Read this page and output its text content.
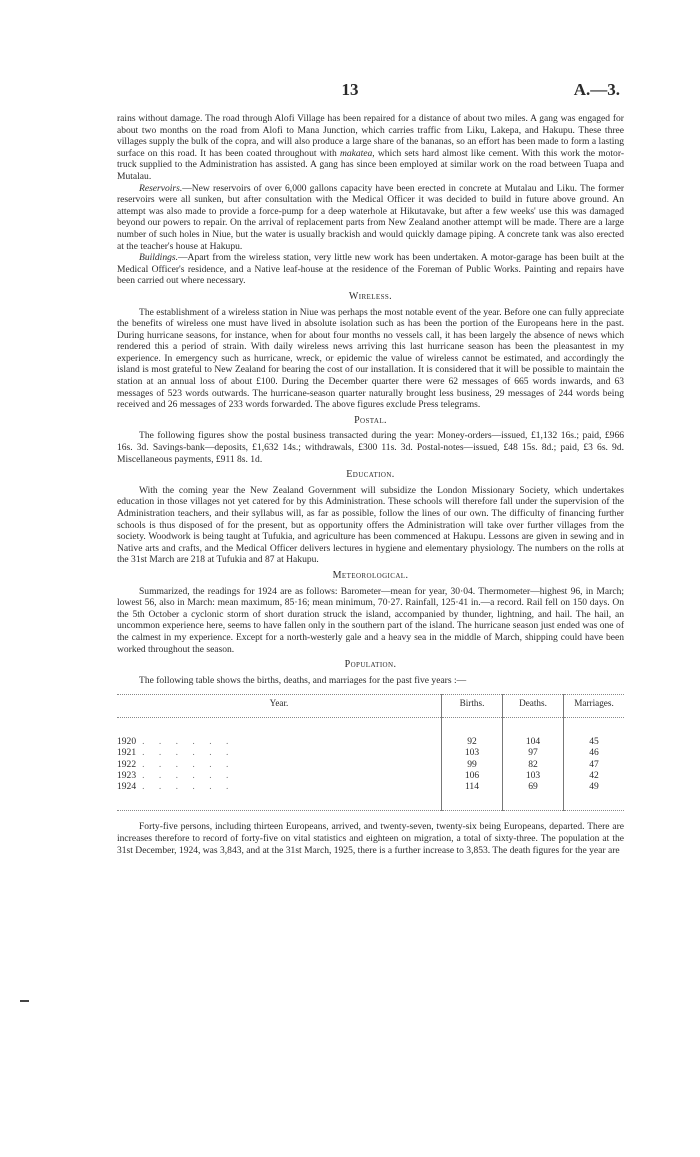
13	A.—3.

rains without damage. The road through Alofi Village has been repaired for a distance of about two miles. A gang was engaged for about two months on the road from Alofi to Mana Junction, which carries traffic from Liku, Lakepa, and Hakupu. These three villages supply the bulk of the copra, and will also produce a large share of the bananas, so an effort has been made to form a lasting surface on this road. It has been coated throughout with makatea, which sets hard almost like cement. With this work the motor-truck supplied to the Administration has assisted. A gang has since been employed at similar work on the road between Tuapa and Mutalau.

Reservoirs.—New reservoirs of over 6,000 gallons capacity have been erected in concrete at Mutalau and Liku. The former reservoirs were all sunken, but after consultation with the Medical Officer it was decided to build in future above ground. An attempt was also made to provide a force-pump for a deep waterhole at Hikutavake, but after a few weeks' use this was damaged beyond our powers to repair. On the arrival of replacement parts from New Zealand another attempt will be made. There are a large number of such holes in Niue, but the water is usually brackish and would quickly damage piping. A concrete tank was also erected at the teacher's house at Hakupu.

Buildings.—Apart from the wireless station, very little new work has been undertaken. A motor-garage has been built at the Medical Officer's residence, and a Native leaf-house at the residence of the Foreman of Public Works. Painting and repairs have been carried out where necessary.

Wireless.

The establishment of a wireless station in Niue was perhaps the most notable event of the year. Before one can fully appreciate the benefits of wireless one must have lived in absolute isolation such as has been the portion of the Europeans here in the past. During hurricane seasons, for instance, when for about four months no vessels call, it has been largely the absence of news which rendered this a period of strain. With daily wireless news arriving this last hurricane season has been the pleasantest in my experience. In emergency such as hurricane, wreck, or epidemic the value of wireless cannot be estimated, and accordingly the island is most grateful to New Zealand for bearing the cost of our installation. It is considered that it will be possible to maintain the station at an annual loss of about £100. During the December quarter there were 62 messages of 665 words inwards, and 63 messages of 523 words outwards. The hurricane-season quarter naturally brought less business, 29 messages of 244 words being received and 26 messages of 233 words forwarded. The above figures exclude Press telegrams.

Postal.

The following figures show the postal business transacted during the year: Money-orders—issued, £1,132 16s.; paid, £966 16s. 3d. Savings-bank—deposits, £1,632 14s.; withdrawals, £300 11s. 3d. Postal-notes—issued, £48 15s. 8d.; paid, £3 6s. 9d. Miscellaneous payments, £911 8s. 1d.

Education.

With the coming year the New Zealand Government will subsidize the London Missionary Society, which undertakes education in those villages not yet catered for by this Administration. These schools will therefore fall under the supervision of the Administration teachers, and their syllabus will, as far as possible, follow the lines of our own. The difficulty of financing further schools is thus disposed of for the present, but as opportunity offers the Administration will take over further villages from the society. Woodwork is being taught at Tufukia, and agriculture has been commenced at Hakupu. Lessons are given in sewing and in Native arts and crafts, and the Medical Officer delivers lectures in hygiene and elementary physiology. The numbers on the rolls at the 31st March are 218 at Tufukia and 87 at Hakupu.

Meteorological.

Summarized, the readings for 1924 are as follows: Barometer—mean for year, 30·04. Thermometer—highest 96, in March; lowest 56, also in March: mean maximum, 85·16; mean minimum, 70·27. Rainfall, 125·41 in.—a record. Rail fell on 150 days. On the 5th October a cyclonic storm of short duration struck the island, accompanied by thunder, lightning, and hail. The hail, an uncommon experience here, seems to have fallen only in the southern part of the island. The hurricane season just ended was one of the calmest in my experience. Except for a north-westerly gale and a heavy sea in the middle of March, shipping could have been worked throughout the season.

Population.

The following table shows the births, deaths, and marriages for the past five years :—

Year.	Births.	Deaths.	Marriages.

1920 . . . . . .	92	104	45
1921 . . . . . .	103	97	46
1922 . . . . . .	99	82	47
1923 . . . . . .	106	103	42
1924 . . . . . .	114	69	49

Forty-five persons, including thirteen Europeans, arrived, and twenty-seven, twenty-six being Europeans, departed. There are increases therefore to record of forty-five on vital statistics and eighteen on migration, a total of sixty-three. The population at the 31st December, 1924, was 3,843, and at the 31st March, 1925, there is a further increase to 3,853. The death figures for the year are
